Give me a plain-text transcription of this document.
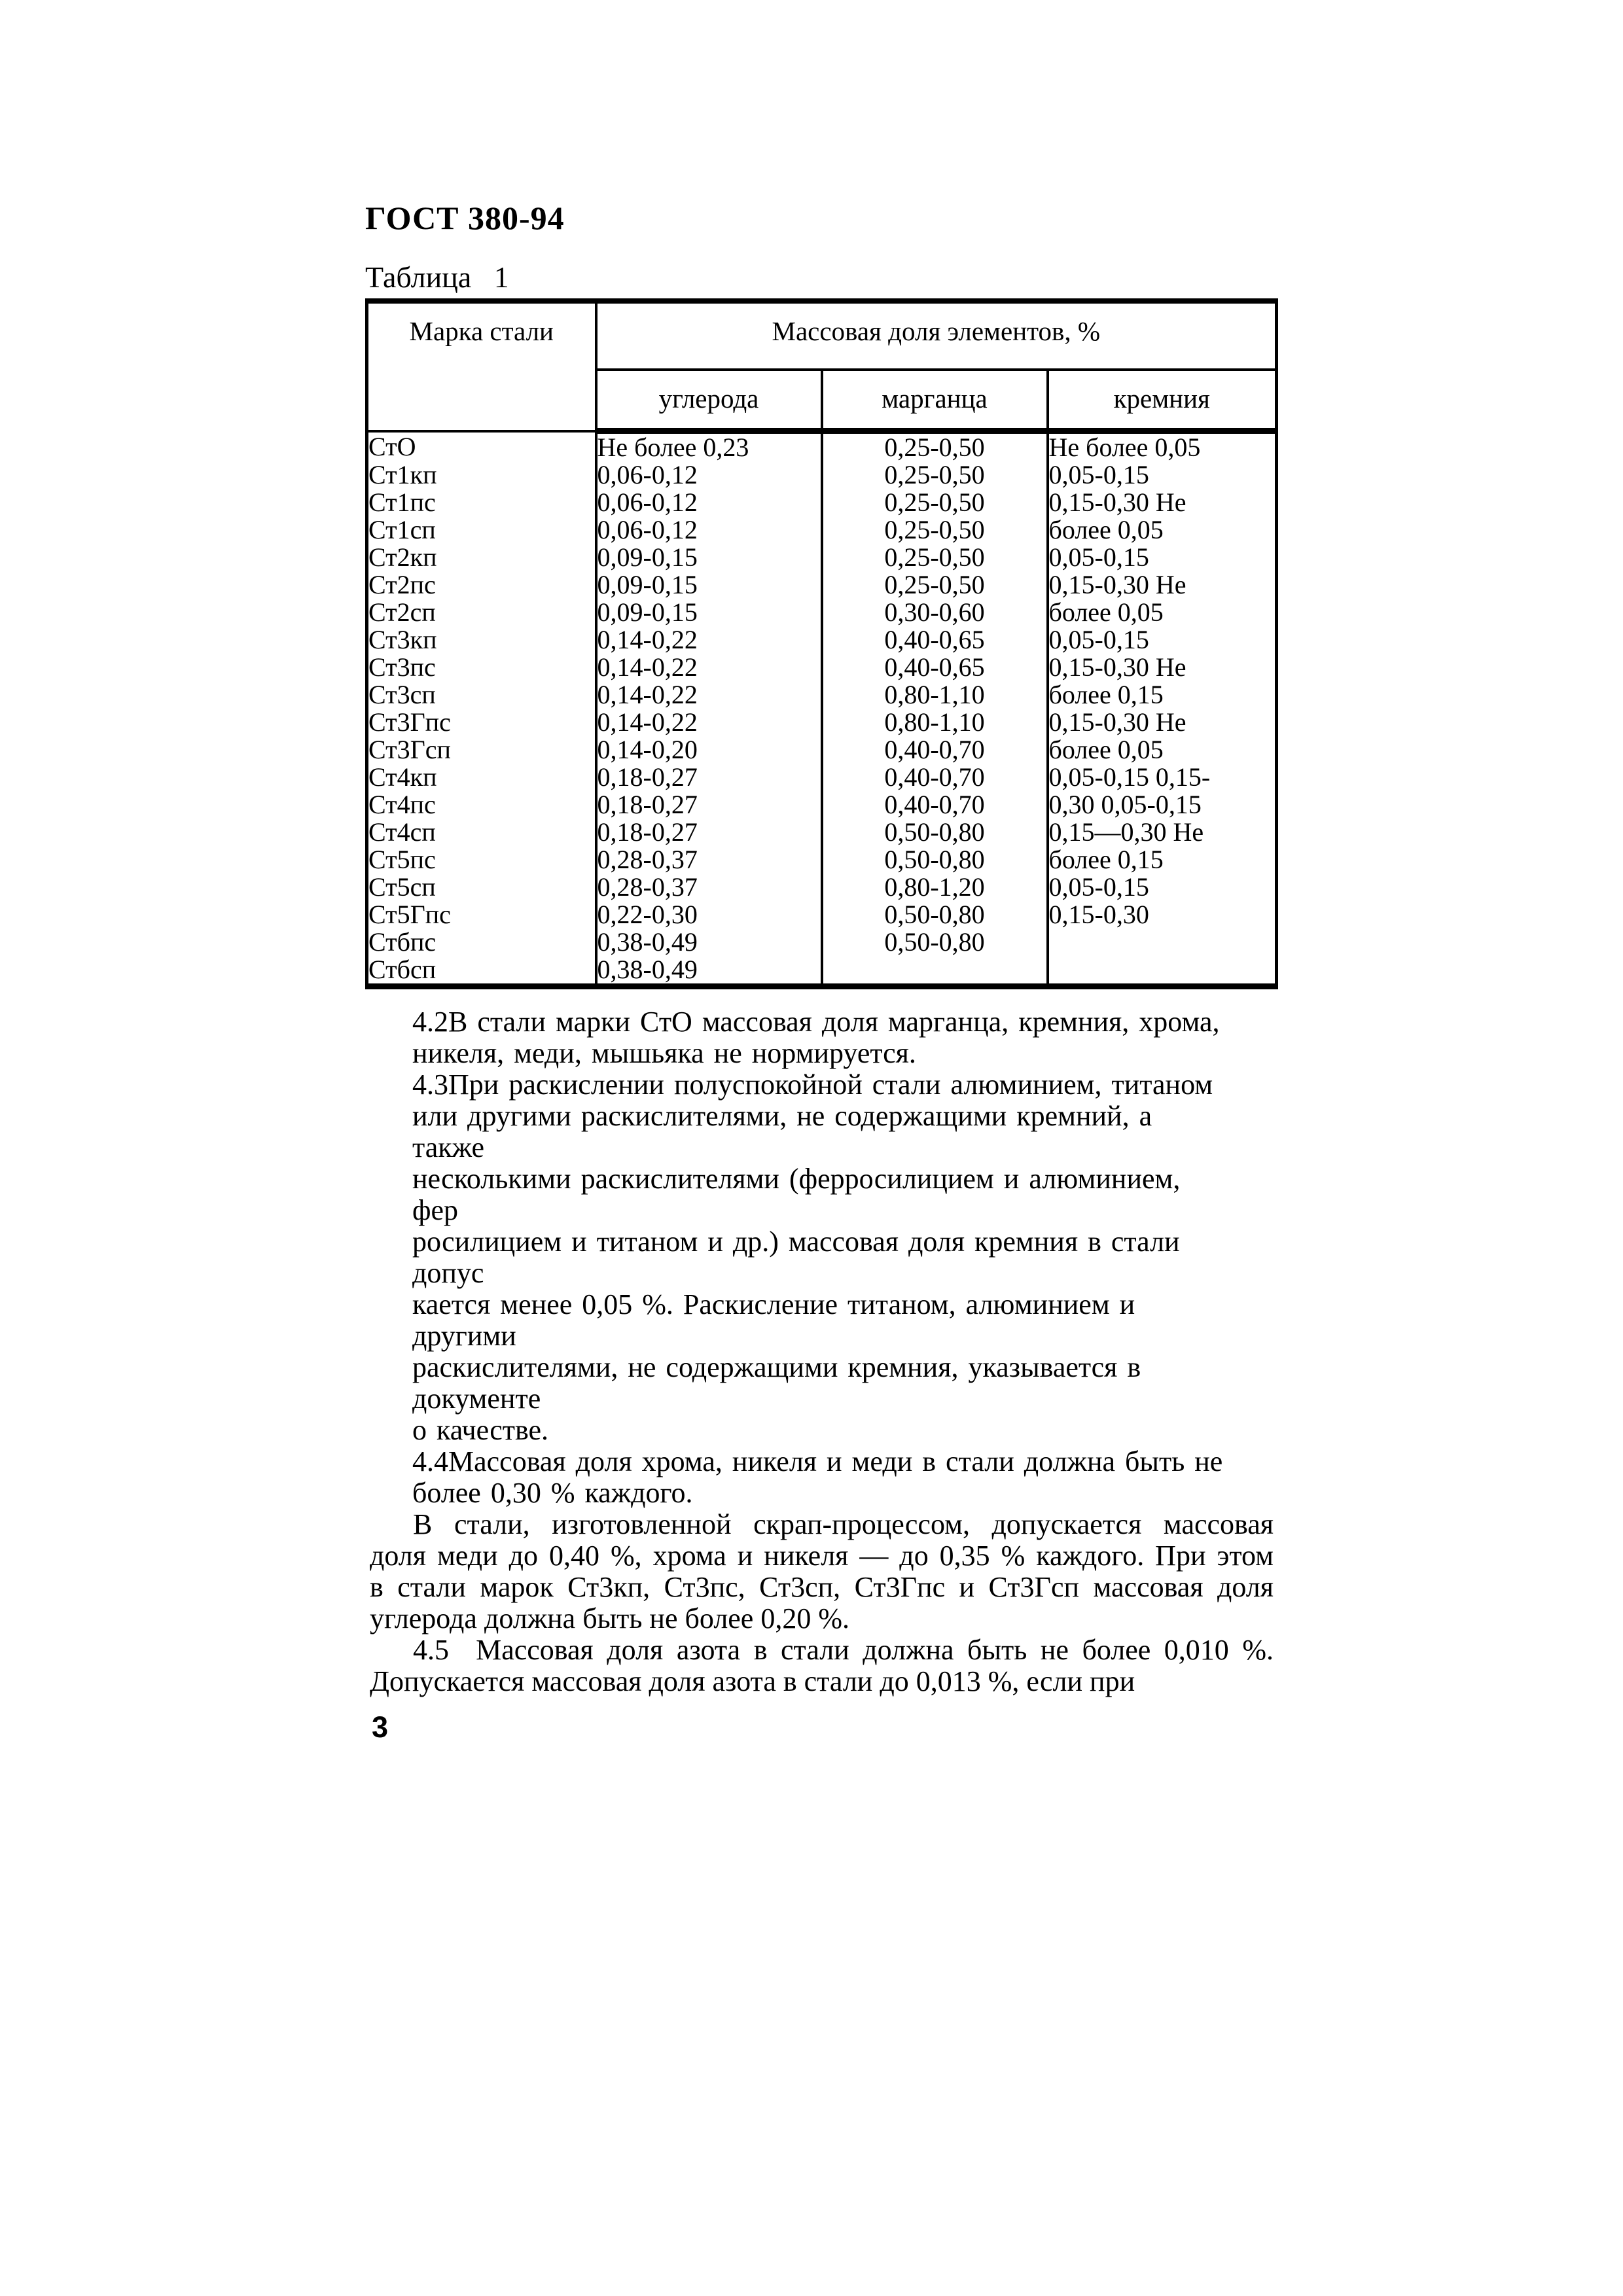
ГОСТ 380-94
Таблица   1
Марка стали	Массовая доля элементов, %		
	углерода	марганца	кремния
СтО	Не более 0,23	0,25-0,50	Не более 0,05
Ст1кп	0,06-0,12	0,25-0,50	0,05-0,15
Ст1пс	0,06-0,12	0,25-0,50	0,15-0,30 Не
Ст1сп	0,06-0,12	0,25-0,50	более 0,05
Ст2кп	0,09-0,15	0,25-0,50	0,05-0,15
Ст2пс	0,09-0,15	0,25-0,50	0,15-0,30 Не
Ст2сп	0,09-0,15	0,30-0,60	более 0,05
Ст3кп	0,14-0,22	0,40-0,65	0,05-0,15
Ст3пс	0,14-0,22	0,40-0,65	0,15-0,30 Не
Ст3сп	0,14-0,22	0,80-1,10	более 0,15
Ст3Гпс	0,14-0,22	0,80-1,10	0,15-0,30 Не
Ст3Гсп	0,14-0,20	0,40-0,70	более 0,05
Ст4кп	0,18-0,27	0,40-0,70	0,05-0,15 0,15-
Ст4пс	0,18-0,27	0,40-0,70	0,30 0,05-0,15
Ст4сп	0,18-0,27	0,50-0,80	0,15—0,30 Не
Ст5пс	0,28-0,37	0,50-0,80	более 0,15
Ст5сп	0,28-0,37	0,80-1,20	0,05-0,15
Ст5Гпс	0,22-0,30	0,50-0,80	0,15-0,30
Стбпс	0,38-0,49	0,50-0,80	
Стбсп	0,38-0,49		
4.2В стали марки СтО массовая доля марганца, кремния, хрома,
никеля, меди, мышьяка не нормируется.
4.3При раскислении полуспокойной стали алюминием, титаном
или другими раскислителями, не содержащими кремний, а
также
несколькими раскислителями (ферросилицием и алюминием,
фер
росилицием и титаном и др.) массовая доля кремния в стали
допус
кается менее 0,05 %. Раскисление титаном, алюминием и
другими
раскислителями, не содержащими кремния, указывается в
документе
о качестве.
4.4Массовая доля хрома, никеля и меди в стали должна быть не
более 0,30 % каждого.
В стали, изготовленной скрап-процессом, допускается массовая
доля меди до 0,40 %, хрома и никеля — до 0,35 % каждого. При этом
в стали марок Ст3кп, Ст3пс, Ст3сп, Ст3Гпс и Ст3Гсп массовая доля
углерода должна быть не более 0,20 %.
4.5  Массовая доля азота в стали должна быть не более 0,010 %.
Допускается массовая доля азота в стали до 0,013 %, если при
3
